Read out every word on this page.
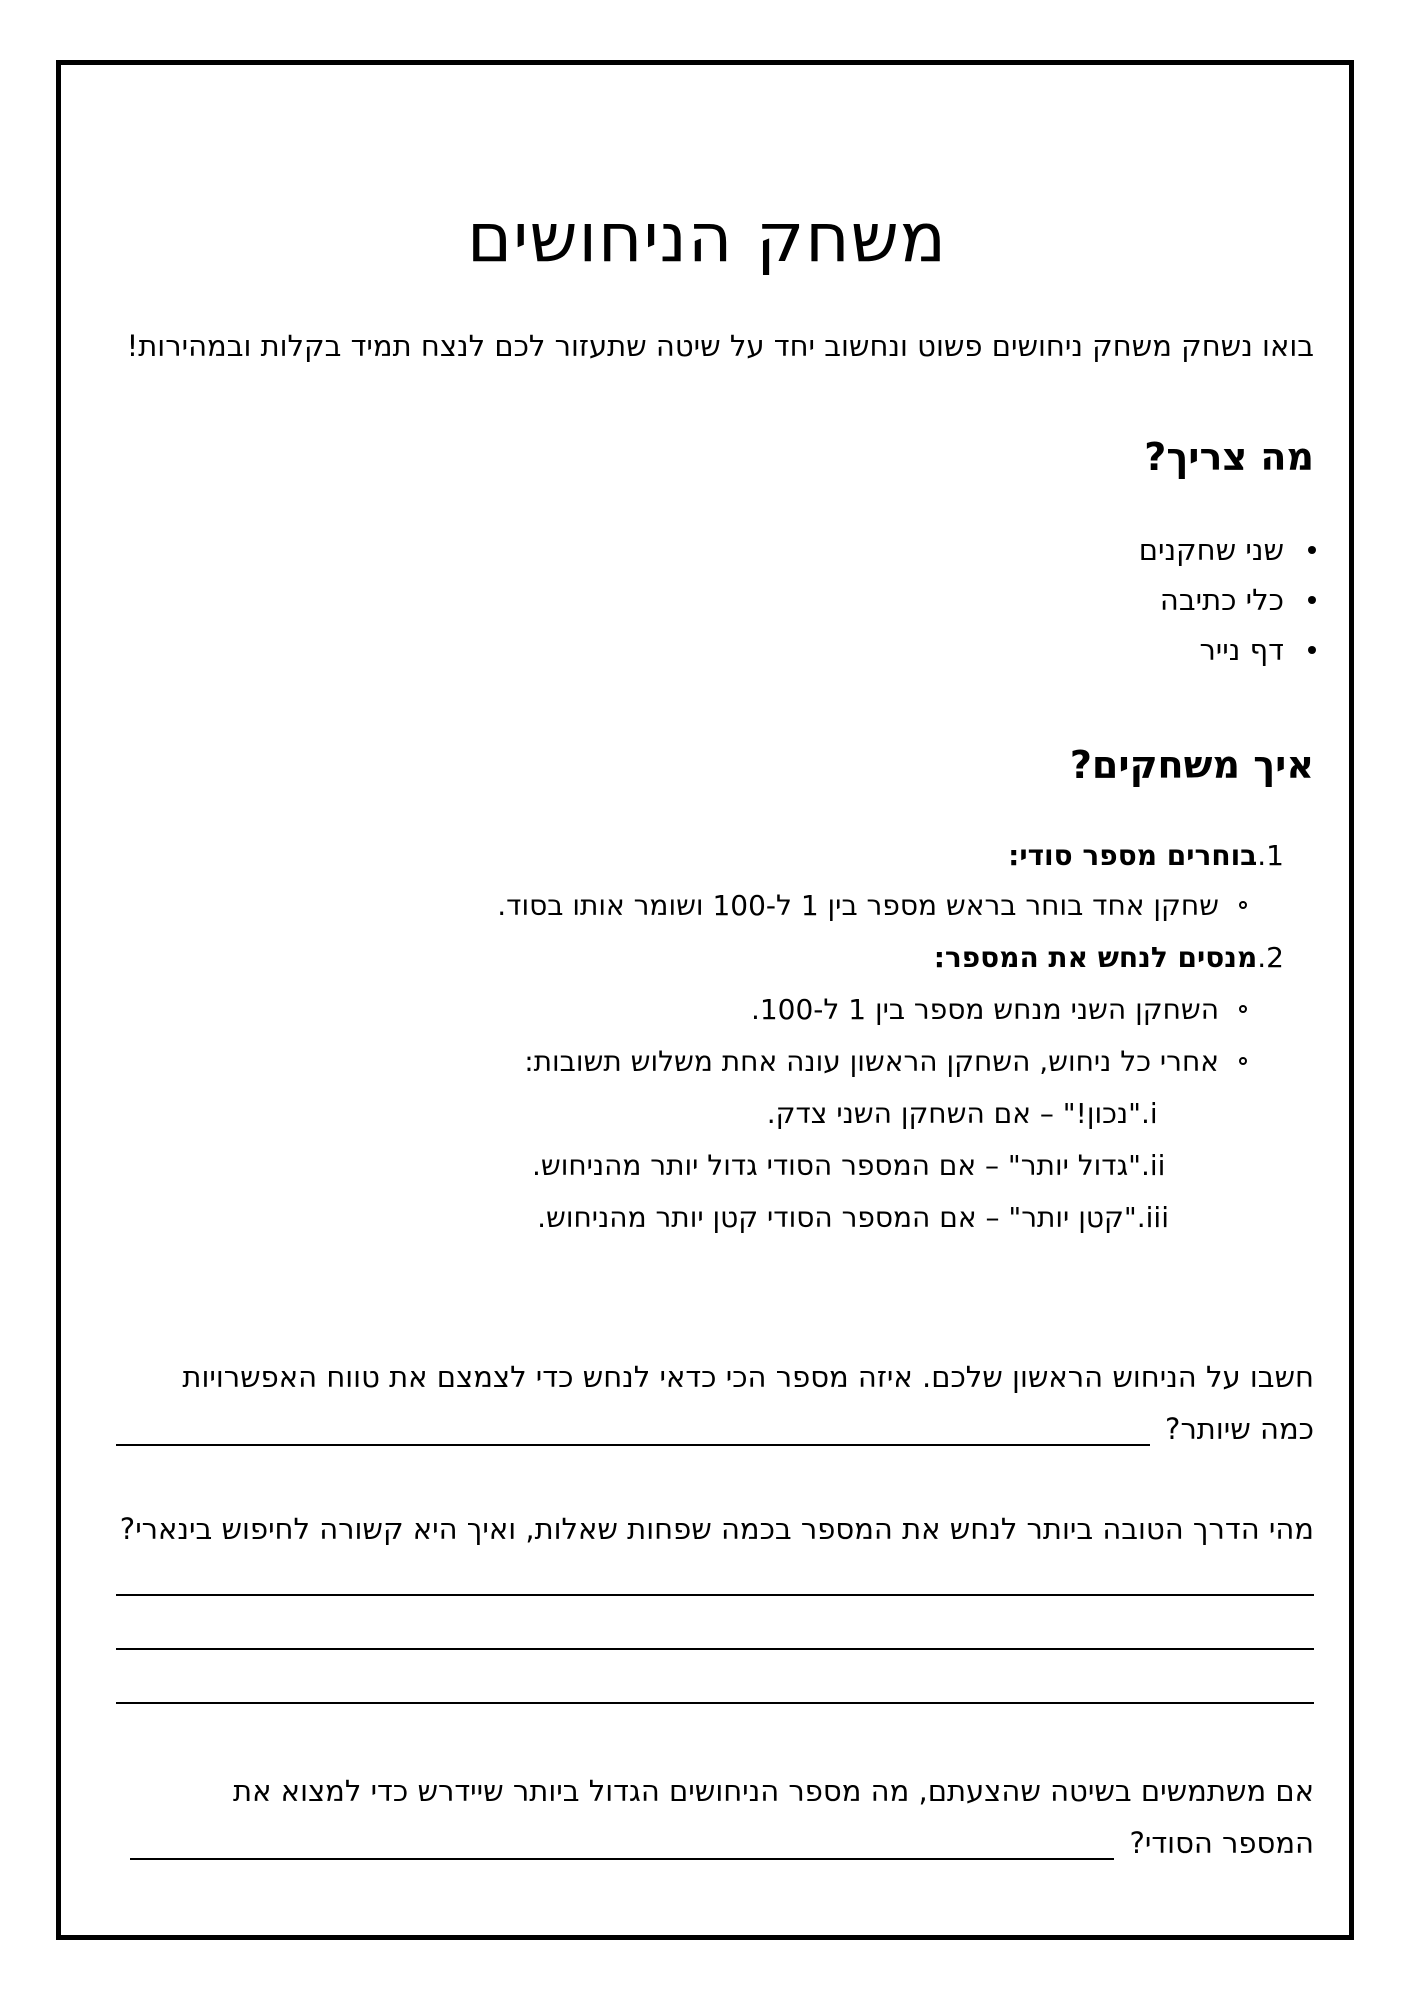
משחק הניחושים
בואו נשחק משחק ניחושים פשוט ונחשוב יחד על שיטה שתעזור לכם לנצח תמיד בקלות ובמהירות!
מה צריך?
שני שחקנים
כלי כתיבה
דף נייר
איך משחקים?
1.בוחרים מספר סודי:
שחקן אחד בוחר בראש מספר בין 1 ל-100 ושומר אותו בסוד.
2.מנסים לנחש את המספר:
השחקן השני מנחש מספר בין 1 ל-100.
אחרי כל ניחוש, השחקן הראשון עונה אחת משלוש תשובות:
i."נכון!" – אם השחקן השני צדק.
ii."גדול יותר" – אם המספר הסודי גדול יותר מהניחוש.
iii."קטן יותר" – אם המספר הסודי קטן יותר מהניחוש.
חשבו על הניחוש הראשון שלכם. איזה מספר הכי כדאי לנחש כדי לצמצם את טווח האפשרויות
כמה שיותר?
מהי הדרך הטובה ביותר לנחש את המספר בכמה שפחות שאלות, ואיך היא קשורה לחיפוש בינארי?
אם משתמשים בשיטה שהצעתם, מה מספר הניחושים הגדול ביותר שיידרש כדי למצוא את
המספר הסודי?
